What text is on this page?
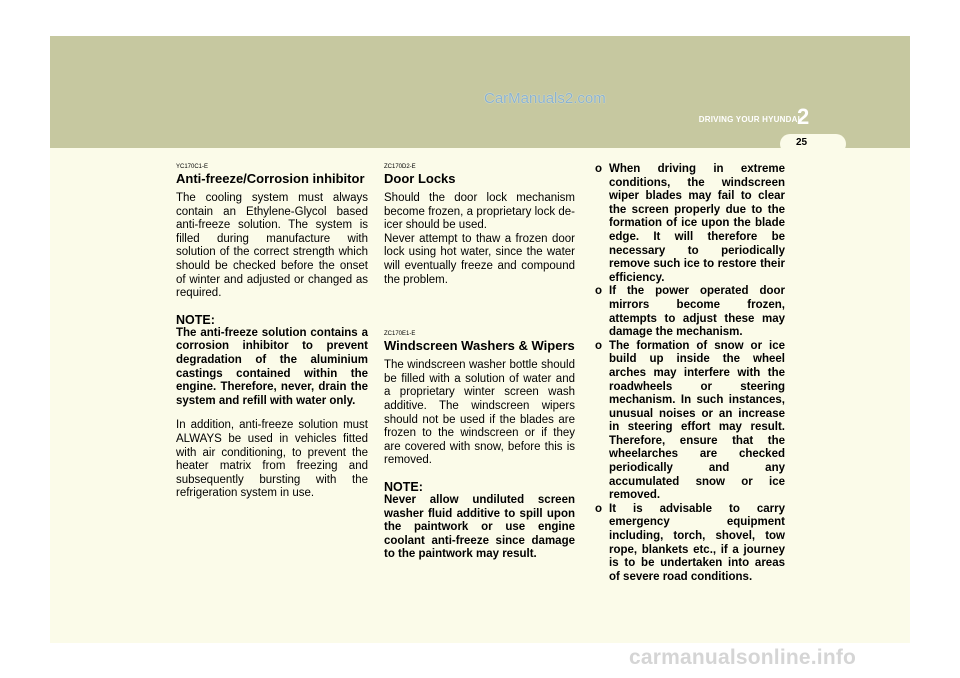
CarManuals2.com
DRIVING YOUR HYUNDAI
2
25
YC170C1-E
Anti-freeze/Corrosion inhibitor

The cooling system must always contain an Ethylene-Glycol based anti-freeze solution. The system is filled during manufacture with solution of the correct strength which should be checked before the onset of winter and adjusted or changed as required.

NOTE:

The anti-freeze solution contains a corrosion inhibitor to prevent degradation of the aluminium castings contained within the engine. Therefore, never, drain the system and refill with water only.

In addition, anti-freeze solution must ALWAYS be used in vehicles fitted with air conditioning, to prevent the heater matrix from freezing and subsequently bursting with the refrigeration system in use.

ZC170D2-E
Door Locks

Should the door lock mechanism become frozen, a proprietary lock de-icer should be used.

Never attempt to thaw a frozen door lock using hot water, since the water will eventually freeze and compound the problem.

ZC170E1-E
Windscreen Washers & Wipers

The windscreen washer bottle should be filled with a solution of water and a proprietary winter screen wash additive. The windscreen wipers should not be used if the blades are frozen to the windscreen or if they are covered with snow, before this is removed.

NOTE:

Never allow undiluted screen washer fluid additive to spill upon the paintwork or use engine coolant anti-freeze since damage to the paintwork may result.

o When driving in extreme conditions, the windscreen wiper blades may fail to clear the screen properly due to the formation of ice upon the blade edge. It will therefore be necessary to periodically remove such ice to restore their efficiency.
o If the power operated door mirrors become frozen, attempts to adjust these may damage the mechanism.
o The formation of snow or ice build up inside the wheel arches may interfere with the roadwheels or steering mechanism. In such instances, unusual noises or an increase in steering effort may result. Therefore, ensure that the wheelarches are checked periodically and any accumulated snow or ice removed.
o It is advisable to carry emergency equipment including, torch, shovel, tow rope, blankets etc., if a journey is to be undertaken into areas of severe road conditions.
carmanualsonline.info
